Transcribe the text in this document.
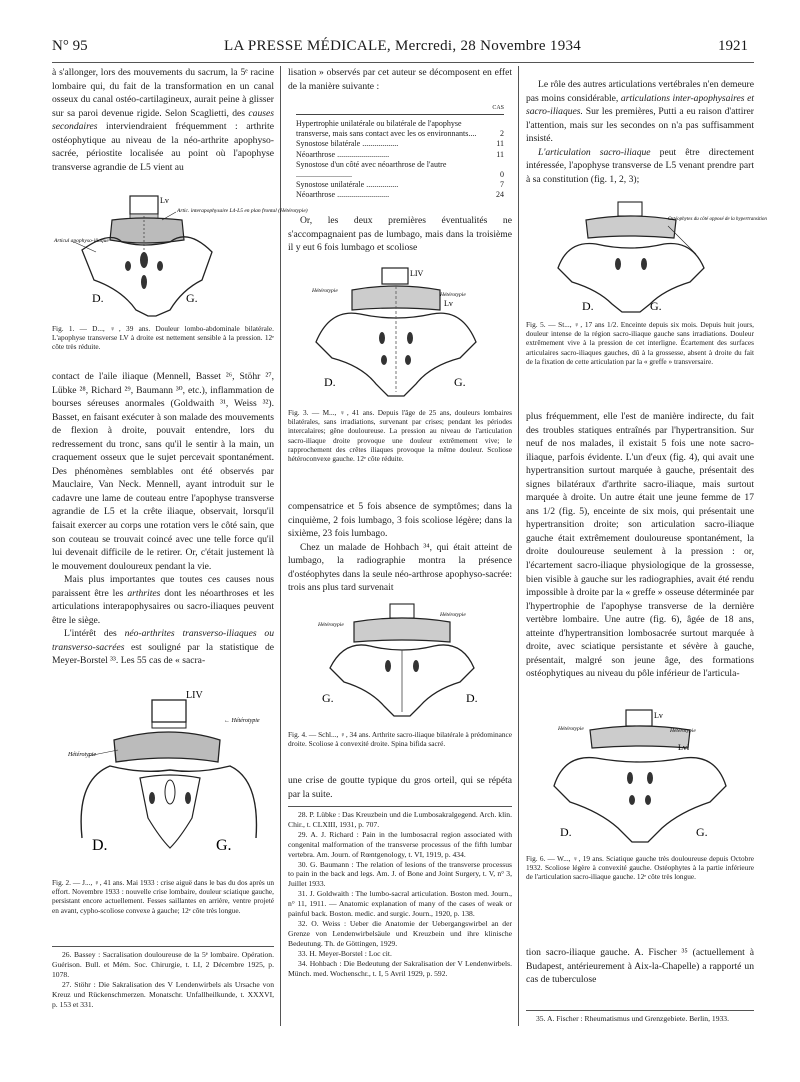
N° 95	LA PRESSE MÉDICALE, Mercredi, 28 Novembre 1934	1921

à s'allonger, lors des mouvements du sacrum, la 5ᵉ racine lombaire qui, du fait de la transformation en un canal osseux du canal ostéo-cartilagineux, aurait peine à glisser sur sa paroi devenue rigide. Selon Scaglietti, des causes secondaires interviendraient fréquemment : arthrite ostéophytique au niveau de la néo-arthrite apophyso-sacrée, périostite localisée au point où l'apophyse transverse agrandie de L5 vient au

Lv
Artic. interapophysaire L4-L5 en plan frontal (Hétérotypie)
Articul apophyso-iliaque
D.	G.
Fig. 1. — D..., ♀, 39 ans. Douleur lombo-abdominale bilatérale. L'apophyse transverse LV à droite est nettement sensible à la pression. 12ᵉ côte très réduite.

contact de l'aile iliaque (Mennell, Basset ²⁶, Stöhr ²⁷, Lübke ²⁸, Richard ²⁹, Baumann ³⁰, etc.), inflammation de bourses séreuses anormales (Goldwaith ³¹, Weiss ³²). Basset, en faisant exécuter à son malade des mouvements de flexion à droite, pouvait entendre, lors du redressement du tronc, sans qu'il le sentir à la main, un craquement osseux que le sujet percevait spontanément. Des phénomènes semblables ont été observés par Mauclaire, Van Neck. Mennell, ayant introduit sur le cadavre une lame de couteau entre l'apophyse transverse agrandie de L5 et la crête iliaque, observait, lorsqu'il faisait exercer au corps une rotation vers le côté sain, que son couteau se trouvait coincé avec une telle force qu'il lui devenait difficile de le retirer. Or, c'était justement là le mouvement douloureux pendant la vie.

Mais plus importantes que toutes ces causes nous paraissent être les arthrites dont les néoarthroses et les articulations interapophysaires ou sacro-iliaques peuvent être le siège.

L'intérêt des néo-arthrites transverso-iliaques ou transverso-sacrées est souligné par la statistique de Meyer-Borstel ³³. Les 55 cas de « sacra-

LIV
← Hétérotypie
Hétérotypie
D.	G.
Fig. 2. — J..., ♀, 41 ans. Mai 1933 : crise aiguë dans le bas du dos après un effort. Novembre 1933 : nouvelle crise lombaire, douleur sciatique gauche, persistant encore actuellement. Fesses saillantes en arrière, ventre projeté en avant, cypho-scoliose convexe à gauche; 12ᵉ côte très longue.

26. Bassey : Sacralisation douloureuse de la 5ᵉ lombaire. Opération. Guérison. Bull. et Mém. Soc. Chirurgie, t. LI, 2 Décembre 1925, p. 1078.

27. Stöhr : Die Sakralisation des V Lendenwirbels als Ursache von Kreuz und Rückenschmerzen. Monatschr. Unfallheilkunde, t. XXXVI, p. 153 et 331.

lisation » observés par cet auteur se décomposent en effet de la manière suivante :

CAS
Hypertrophie unilatérale ou bilatérale de l'apophyse transverse, mais sans contact avec les os environnants....	2
Synostose bilatérale ..................	11
Néoarthrose ..........................	11
Synostose d'un côté avec néoarthrose de l'autre ............................	0
Synostose unilatérale ................	7
Néoarthrose ..........................	24

Or, les deux premières éventualités ne s'accompagnaient pas de lumbago, mais dans la troisième il y eut 6 fois lumbago et scoliose

LIV
Lv
Hétérotypie
Hétérotypie
D.	G.
Fig. 3. — M..., ♀, 41 ans. Depuis l'âge de 25 ans, douleurs lombaires bilatérales, sans irradiations, survenant par crises; pendant les périodes intercalaires; gêne douloureuse. La pression au niveau de l'articulation sacro-iliaque droite provoque une douleur extrêmement vive; le rapprochement des crêtes iliaques provoque la même douleur. Scoliose hétéroconvexe gauche. 12ᵉ côte réduite.

compensatrice et 5 fois absence de symptômes; dans la cinquième, 2 fois lumbago, 3 fois scoliose légère; dans la sixième, 23 fois lumbago.

Chez un malade de Hohbach ³⁴, qui était atteint de lumbago, la radiographie montra la présence d'ostéophytes dans la seule néo-arthrose apophyso-sacrée: trois ans plus tard survenait

Hétérotypie
Hétérotypie
G.	D.
Fig. 4. — Schl..., ♀, 34 ans. Arthrite sacro-iliaque bilatérale à prédominance droite. Scoliose à convexité droite. Spina bifida sacré.

une crise de goutte typique du gros orteil, qui se répéta par la suite.

28. P. Lübke : Das Kreuzbein und die Lumbosakralgegend. Arch. klin. Chir., t. CLXIII, 1931, p. 707.

29. A. J. Richard : Pain in the lumbosacral region associated with congenital malformation of the transverse processus of the fifth lumbar vertebra. Am. Journ. of Rœntgenology, t. VI, 1919, p. 434.

30. G. Baumann : The relation of lesions of the transverse processus to pain in the back and legs. Am. J. of Bone and Joint Surgery, t. V, n° 3, Juillet 1933.

31. J. Goldwaith : The lumbo-sacral articulation. Boston med. Journ., n° 11, 1911. — Anatomic explanation of many of the cases of weak or painful back. Boston. medic. and surgic. Journ., 1920, p. 138.

32. O. Weiss : Ueber die Anatomie der Uebergangswirbel an der Grenze von Lendenwirbelsäule und Kreuzbein und ihre klinische Bedeutung. Th. de Göttingen, 1929.

33. H. Meyer-Borstel : Loc cit.

34. Hohbach : Die Bedeutung der Sakralisation der V Lendenwirbels. Münch. med. Wochenschr., t. I, 5 Avril 1929, p. 592.

Le rôle des autres articulations vertébrales n'en demeure pas moins considérable, articulations inter-apophysaires et sacro-iliaques. Sur les premières, Putti a eu raison d'attirer l'attention, mais sur les secondes on n'a pas suffisamment insisté.

L'articulation sacro-iliaque peut être directement intéressée, l'apophyse transverse de L5 venant prendre part à sa constitution (fig. 1, 2, 3);

Ostéophytes du côté opposé de la hypertransition
D.	G.
Fig. 5. — St..., ♀, 17 ans 1/2. Enceinte depuis six mois. Depuis huit jours, douleur intense de la région sacro-iliaque gauche sans irradiations. Douleur extrêmement vive à la pression de cet interligne. Écartement des surfaces articulaires sacro-iliaques gauches, dû à la grossesse, absent à droite du fait de la fixation de cette articulation par la « greffe » transversaire.

plus fréquemment, elle l'est de manière indirecte, du fait des troubles statiques entraînés par l'hypertransition. Sur neuf de nos malades, il existait 5 fois une note sacro-iliaque, parfois évidente. L'un d'eux (fig. 4), qui avait une hypertransition surtout marquée à gauche, présentait des signes bilatéraux d'arthrite sacro-iliaque, mais surtout marquée à droite. Un autre était une jeune femme de 17 ans 1/2 (fig. 5), enceinte de six mois, qui présentait une hypertransition droite; son articulation sacro-iliaque gauche était extrêmement douloureuse spontanément, la droite douloureuse seulement à la pression : or, l'écartement sacro-iliaque physiologique de la grossesse, bien visible à gauche sur les radiographies, avait été rendu impossible à droite par la « greffe » osseuse déterminée par l'hypertrophie de l'apophyse transverse de la dernière vertèbre lombaire. Une autre (fig. 6), âgée de 18 ans, atteinte d'hypertransition lombosacrée surtout marquée à droite, avec sciatique persistante et sévère à gauche, présentait, malgré son jeune âge, des formations ostéophytiques au niveau du pôle inférieur de l'articula-

Lv
Lvi
Hétérotypie	Hétérotypie
D.	G.
Fig. 6. — W..., ♀, 19 ans. Sciatique gauche très douloureuse depuis Octobre 1932. Scoliose légère à convexité gauche. Ostéophytes à la partie inférieure de l'articulation sacro-iliaque gauche. 12ᵉ côte très longue.

tion sacro-iliaque gauche. A. Fischer ³⁵ (actuellement à Budapest, antérieurement à Aix-la-Chapelle) a rapporté un cas de tuberculose

35. A. Fischer : Rheumatismus und Grenzgebiete. Berlin, 1933.
